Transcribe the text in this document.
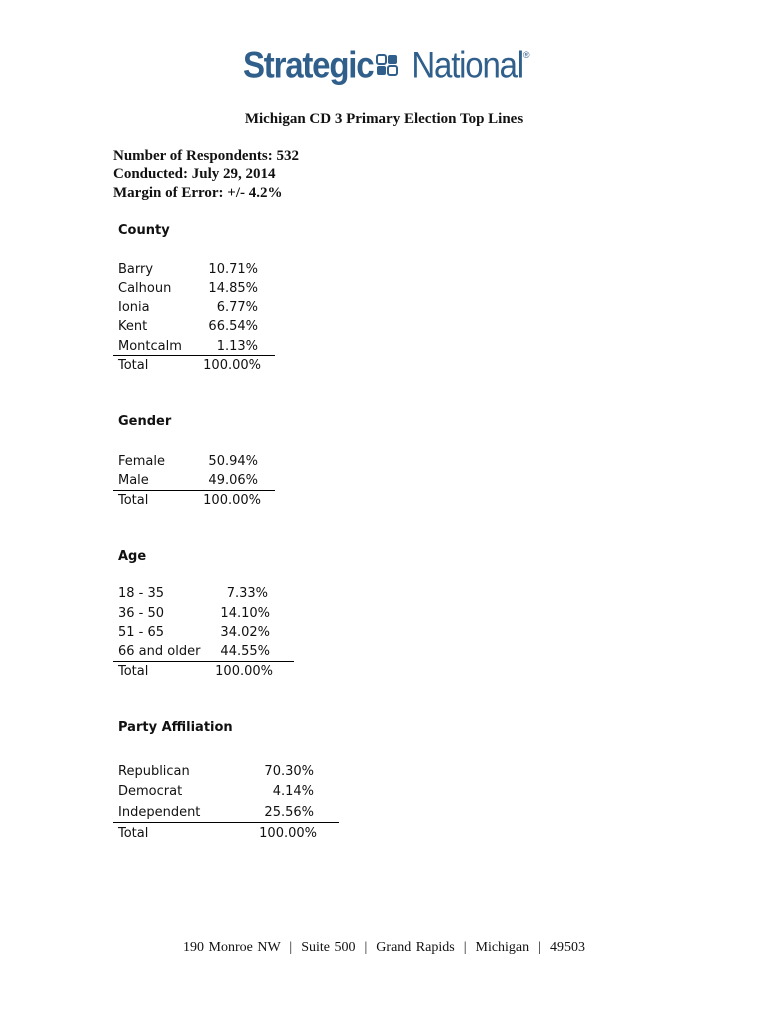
Strategic National®
Michigan CD 3 Primary Election Top Lines
Number of Respondents: 532
Conducted: July 29, 2014
Margin of Error: +/- 4.2%
County
Barry	10.71%
Calhoun	14.85%
Ionia	6.77%
Kent	66.54%
Montcalm	1.13%
Total	100.00%
Gender
Female	50.94%
Male	49.06%
Total	100.00%
Age
18 - 35	7.33%
36 - 50	14.10%
51 - 65	34.02%
66 and older	44.55%
Total	100.00%
Party Affiliation
Republican	70.30%
Democrat	4.14%
Independent	25.56%
Total	100.00%
190 Monroe NW  |  Suite 500  |  Grand Rapids  |  Michigan  |  49503
